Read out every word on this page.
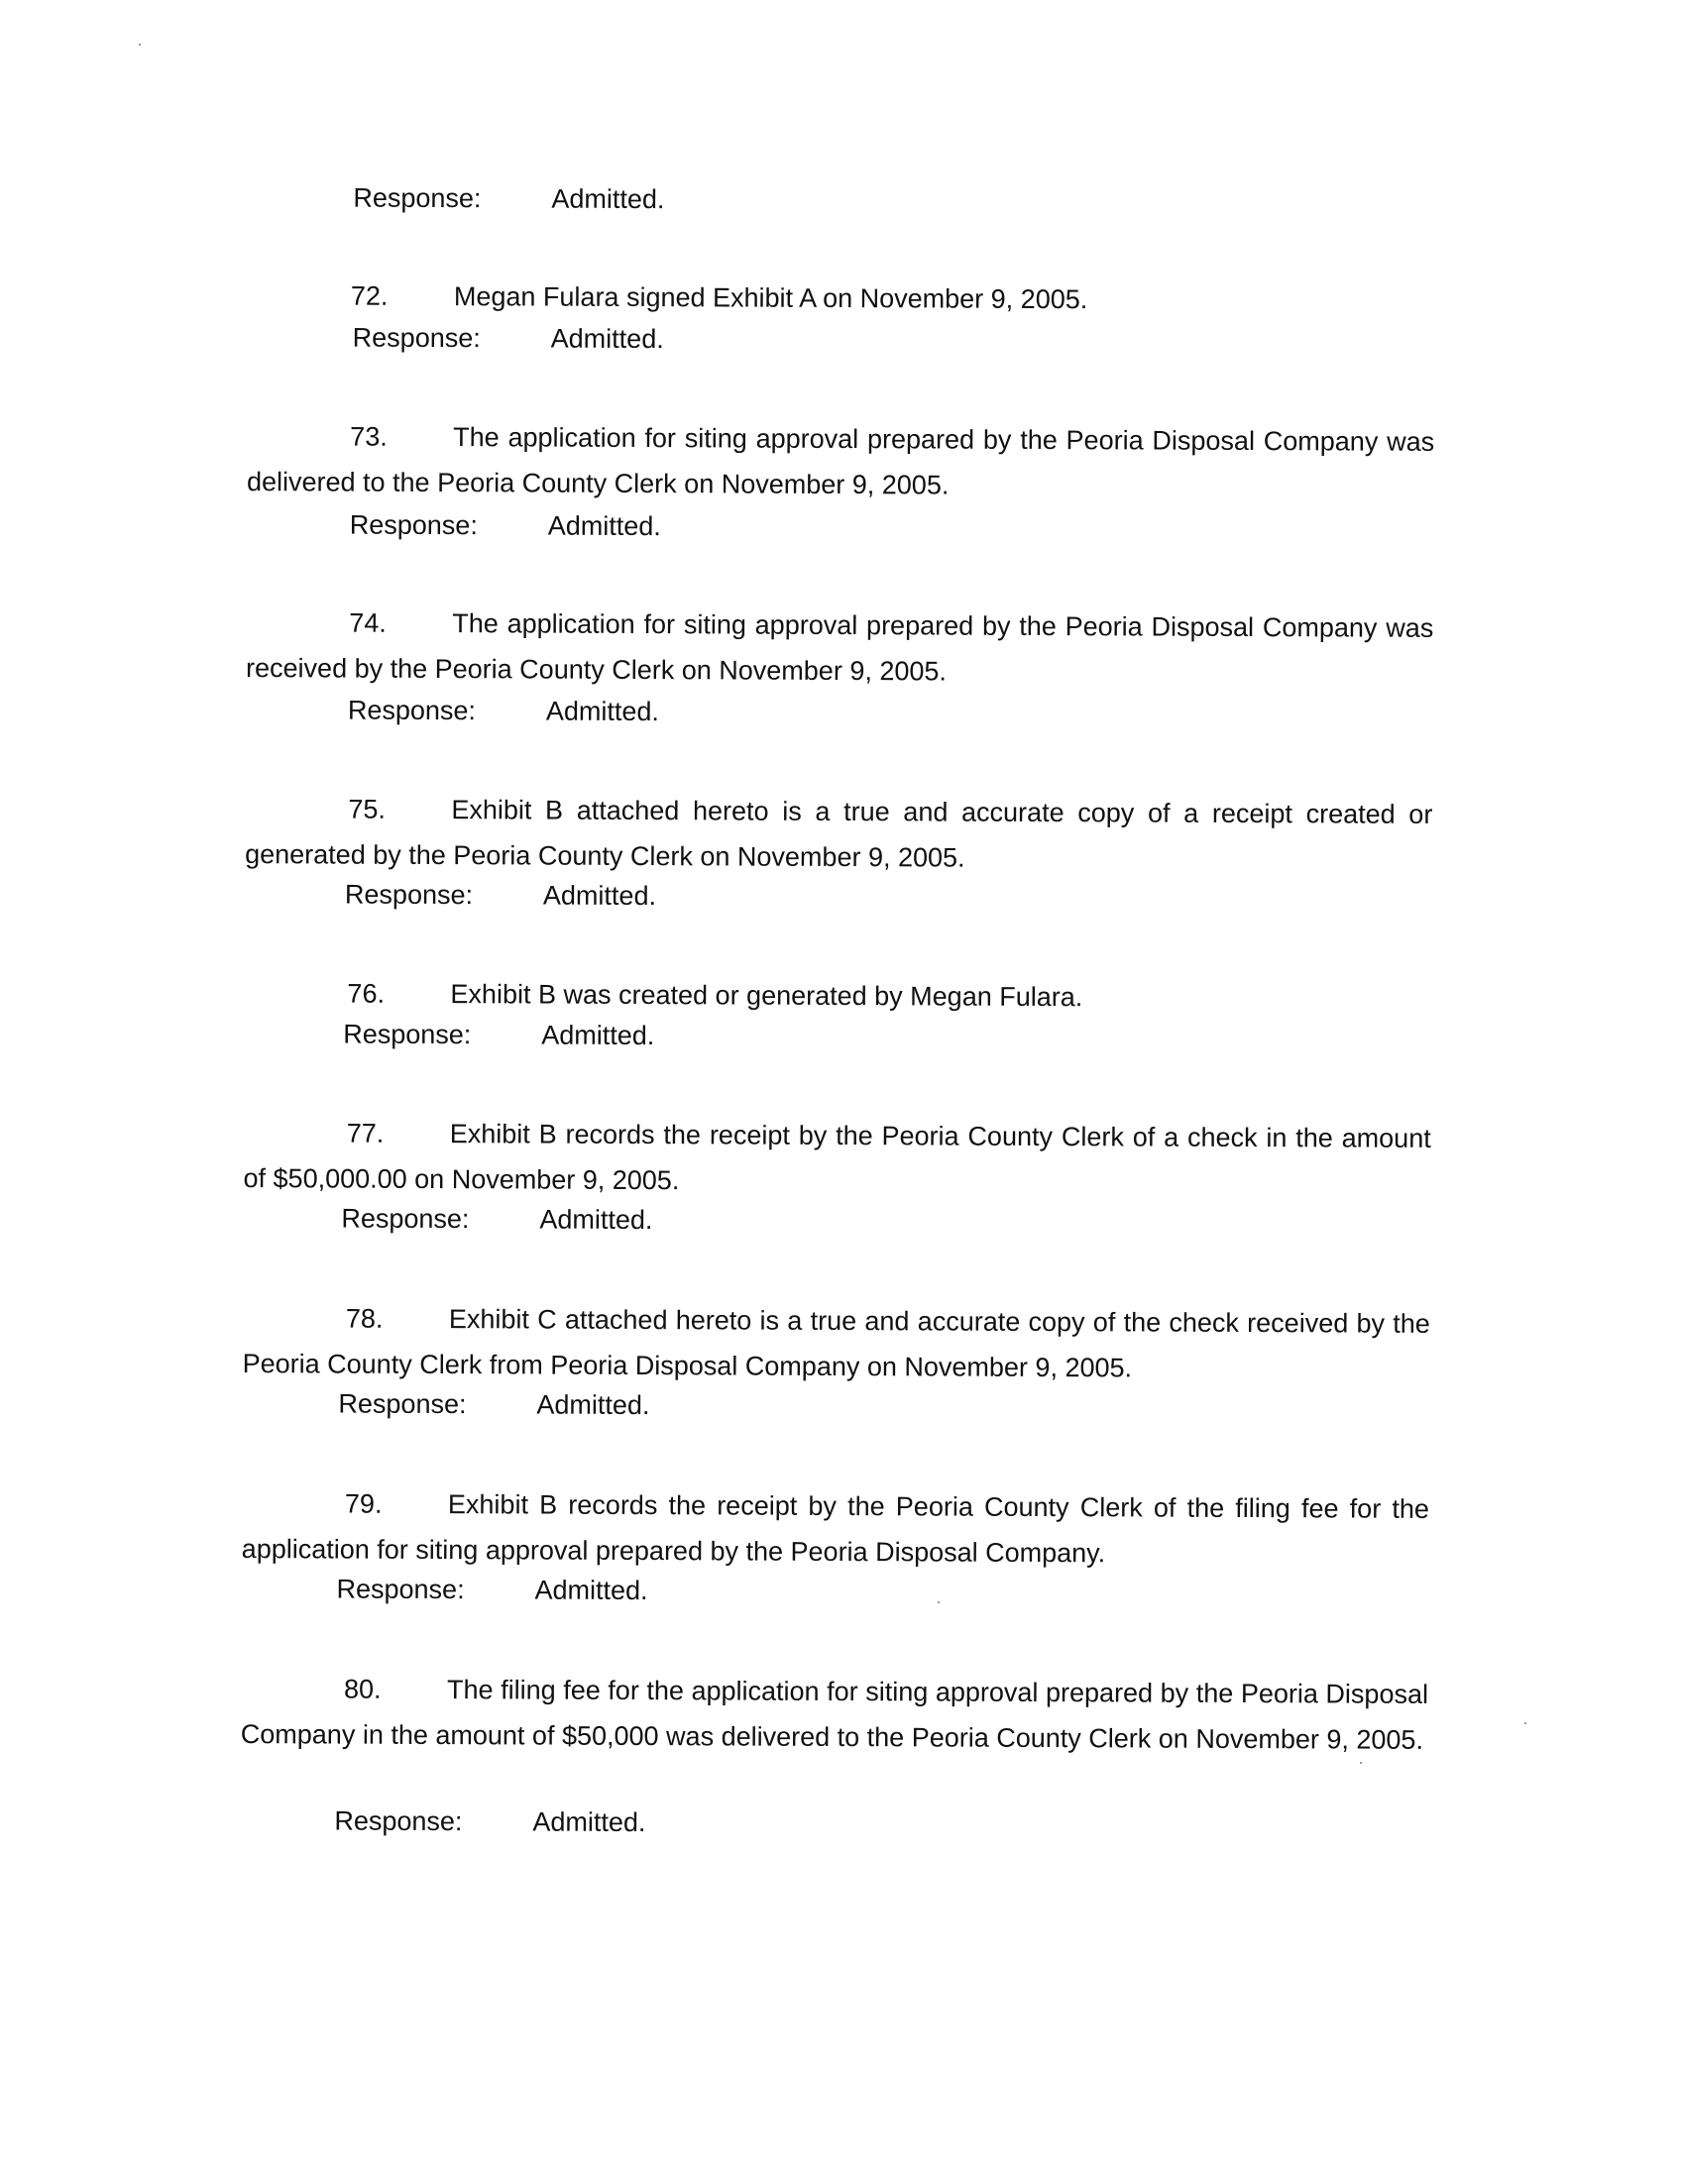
Response:	Admitted.
72. Megan Fulara signed Exhibit A on November 9, 2005.
Response:	Admitted.
73. The application for siting approval prepared by the Peoria Disposal Company was delivered to the Peoria County Clerk on November 9, 2005.
Response:	Admitted.
74. The application for siting approval prepared by the Peoria Disposal Company was received by the Peoria County Clerk on November 9, 2005.
Response:	Admitted.
75. Exhibit B attached hereto is a true and accurate copy of a receipt created or generated by the Peoria County Clerk on November 9, 2005.
Response:	Admitted.
76. Exhibit B was created or generated by Megan Fulara.
Response:	Admitted.
77. Exhibit B records the receipt by the Peoria County Clerk of a check in the amount of $50,000.00 on November 9, 2005.
Response:	Admitted.
78. Exhibit C attached hereto is a true and accurate copy of the check received by the Peoria County Clerk from Peoria Disposal Company on November 9, 2005.
Response:	Admitted.
79. Exhibit B records the receipt by the Peoria County Clerk of the filing fee for the application for siting approval prepared by the Peoria Disposal Company.
Response:	Admitted.
80. The filing fee for the application for siting approval prepared by the Peoria Disposal Company in the amount of $50,000 was delivered to the Peoria County Clerk on November 9, 2005.
Response:	Admitted.
